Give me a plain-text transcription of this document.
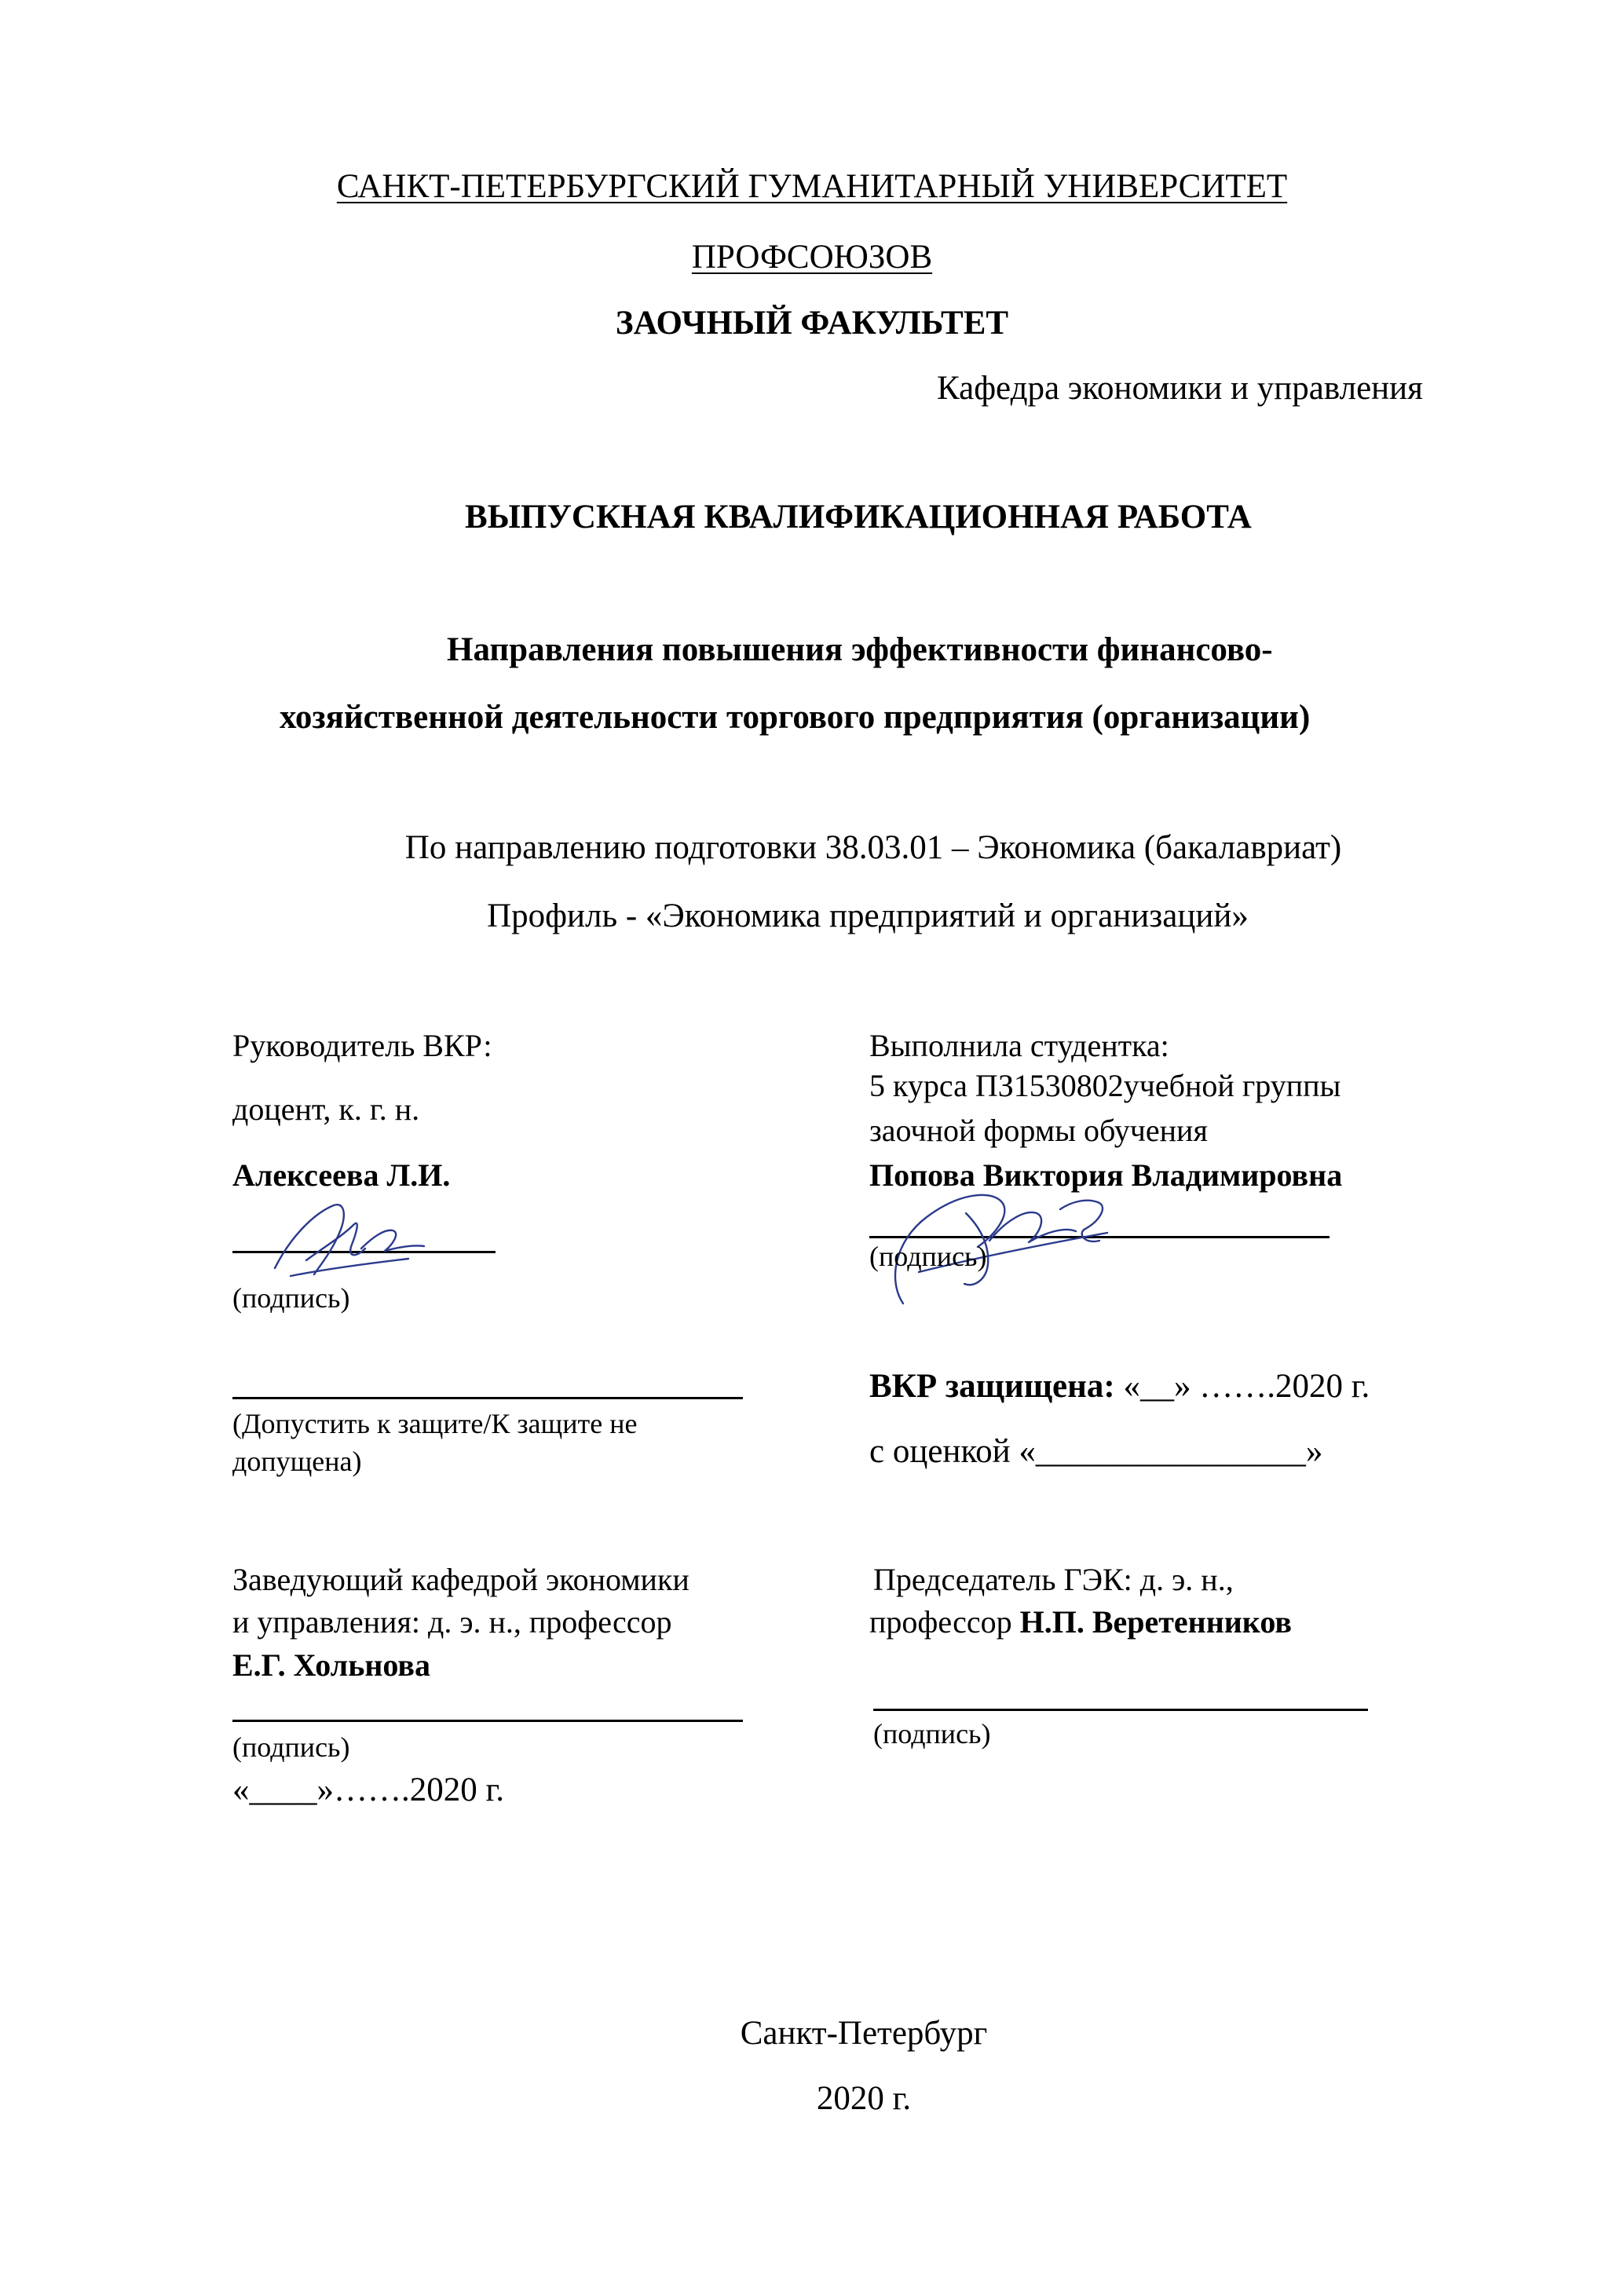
САНКТ-ПЕТЕРБУРГСКИЙ ГУМАНИТАРНЫЙ УНИВЕРСИТЕТ
ПРОФСОЮЗОВ
ЗАОЧНЫЙ ФАКУЛЬТЕТ
Кафедра экономики и управления
ВЫПУСКНАЯ КВАЛИФИКАЦИОННАЯ РАБОТА
Направления повышения эффективности финансово-
хозяйственной деятельности торгового предприятия (организации)
По направлению подготовки 38.03.01 – Экономика (бакалавриат)
Профиль - «Экономика предприятий и организаций»
Руководитель ВКР:
доцент, к. г. н.
Алексеева Л.И.
(подпись)
Выполнила студентка:
5 курса ПЗ1530802учебной группы
заочной формы обучения
Попова Виктория Владимировна
(подпись)
(Допустить к защите/К защите не
допущена)
ВКР защищена: «__» …….2020 г.
с оценкой «________________»
Заведующий кафедрой экономики
и управления: д. э. н., профессор
Е.Г. Хольнова
(подпись)
«____»…….2020 г.
Председатель ГЭК: д. э. н.,
профессор Н.П. Веретенников
(подпись)
Санкт-Петербург
2020 г.
